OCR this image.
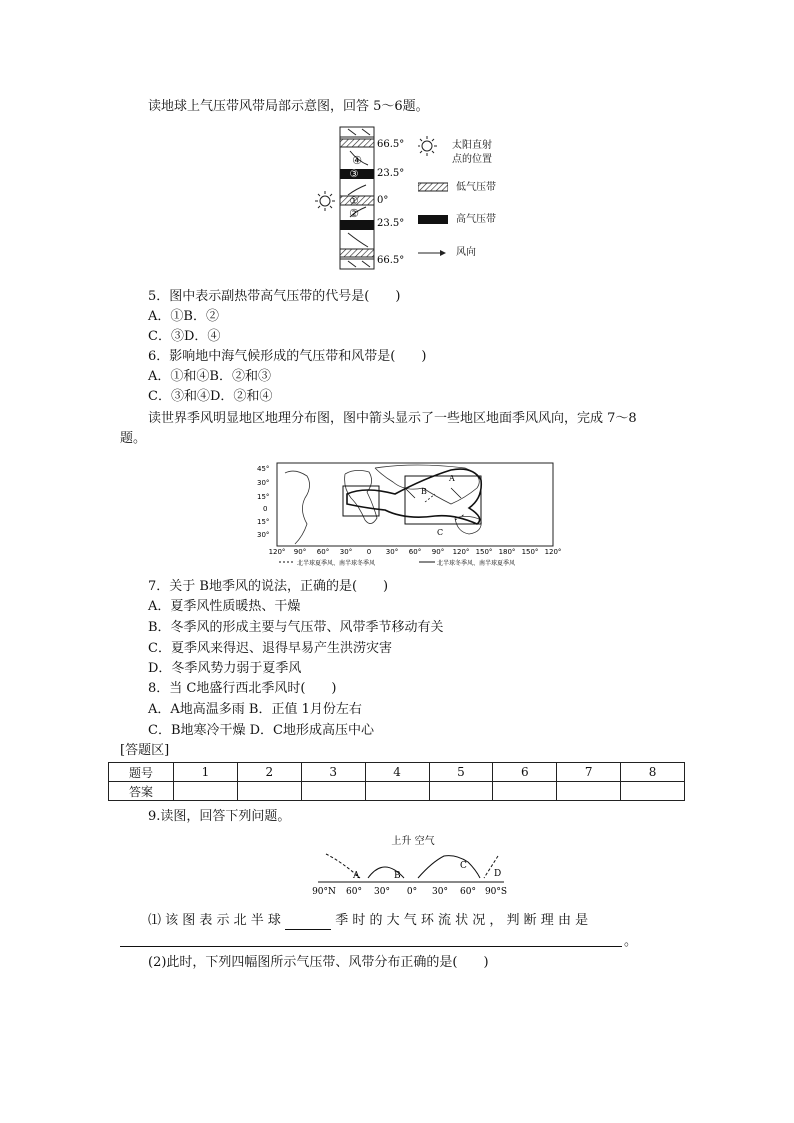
读地球上气压带风带局部示意图，回答 5～6题。
④
③
①
②
66.5°
23.5°
0°
23.5°
66.5°
太阳直射
点的位置
低气压带
高气压带
风向
5．图中表示副热带高气压带的代号是(　　)
A．①B．②
C．③D．④
6．影响地中海气候形成的气压带和风带是(　　)
A．①和④B．②和③
C．③和④D．②和④
读世界季风明显地区地理分布图，图中箭头显示了一些地区地面季风风向，完成 7～8
题。
A
B
C
45°
30°
15°
0
15°
30°
120° 90° 60° 30° 0 30° 60° 90° 120° 150° 180° 150° 120°
北半球夏季风、南半球冬季风	北半球冬季风、南半球夏季风
7．关于 B地季风的说法，正确的是(　　)
A．夏季风性质暖热、干燥
B．冬季风的形成主要与气压带、风带季节移动有关
C．夏季风来得迟、退得早易产生洪涝灾害
D．冬季风势力弱于夏季风
8．当 C地盛行西北季风时(　　)
A．A地高温多雨 B．正值 1月份左右
C．B地寒冷干燥 D．C地形成高压中心
[答题区]
题号	1	2	3	4	5	6	7	8
答案								
9.读图，回答下列问题。
上升 空气
A	B
C
D
90°N 60° 30° 0° 30° 60° 90°S
⑴ 该 图 表 示 北 半 球	季 时 的 大 气 环 流 状 况 ， 判 断 理 由 是
。
(2)此时，下列四幅图所示气压带、风带分布正确的是(　　)
